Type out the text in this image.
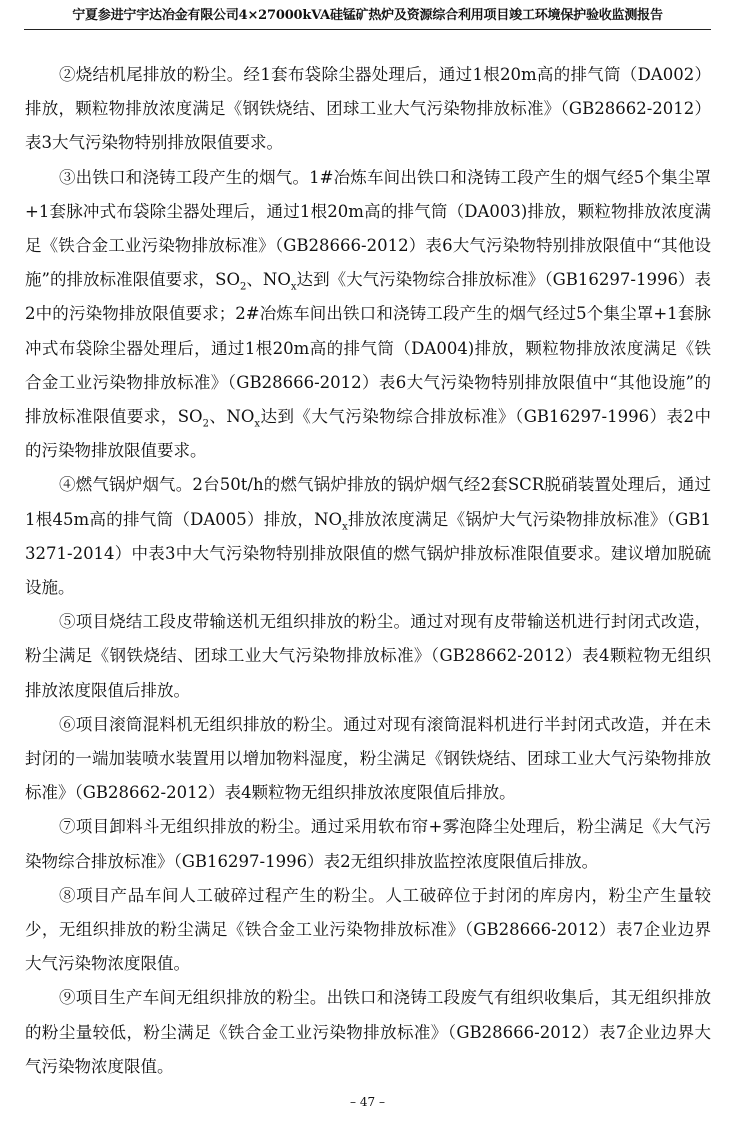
宁夏参进宁宇达冶金有限公司4×27000kVA硅锰矿热炉及资源综合利用项目竣工环境保护验收监测报告

②烧结机尾排放的粉尘。经1套布袋除尘器处理后，通过1根20m高的排气筒（DA002）排放，颗粒物排放浓度满足《钢铁烧结、团球工业大气污染物排放标准》（GB28662-2012）表3大气污染物特别排放限值要求。

③出铁口和浇铸工段产生的烟气。1#冶炼车间出铁口和浇铸工段产生的烟气经5个集尘罩+1套脉冲式布袋除尘器处理后，通过1根20m高的排气筒（DA003)排放，颗粒物排放浓度满足《铁合金工业污染物排放标准》（GB28666-2012）表6大气污染物特别排放限值中“其他设施”的排放标准限值要求，$SO_2$、$NO_x$达到《大气污染物综合排放标准》（GB16297-1996）表2中的污染物排放限值要求；2#冶炼车间出铁口和浇铸工段产生的烟气经过5个集尘罩+1套脉冲式布袋除尘器处理后，通过1根20m高的排气筒（DA004)排放，颗粒物排放浓度满足《铁合金工业污染物排放标准》（GB28666-2012）表6大气污染物特别排放限值中“其他设施”的排放标准限值要求，$SO_2$、$NO_x$达到《大气污染物综合排放标准》（GB16297-1996）表2中的污染物排放限值要求。

④燃气锅炉烟气。2台50t/h的燃气锅炉排放的锅炉烟气经2套SCR脱硝装置处理后，通过1根45m高的排气筒（DA005）排放，$NO_x$排放浓度满足《锅炉大气污染物排放标准》（GB13271-2014）中表3中大气污染物特别排放限值的燃气锅炉排放标准限值要求。建议增加脱硫设施。

⑤项目烧结工段皮带输送机无组织排放的粉尘。通过对现有皮带输送机进行封闭式改造，粉尘满足《钢铁烧结、团球工业大气污染物排放标准》（GB28662-2012）表4颗粒物无组织排放浓度限值后排放。

⑥项目滚筒混料机无组织排放的粉尘。通过对现有滚筒混料机进行半封闭式改造，并在未封闭的一端加装喷水装置用以增加物料湿度，粉尘满足《钢铁烧结、团球工业大气污染物排放标准》（GB28662-2012）表4颗粒物无组织排放浓度限值后排放。

⑦项目卸料斗无组织排放的粉尘。通过采用软布帘+雾泡降尘处理后，粉尘满足《大气污染物综合排放标准》（GB16297-1996）表2无组织排放监控浓度限值后排放。

⑧项目产品车间人工破碎过程产生的粉尘。人工破碎位于封闭的库房内，粉尘产生量较少，无组织排放的粉尘满足《铁合金工业污染物排放标准》（GB28666-2012）表7企业边界大气污染物浓度限值。

⑨项目生产车间无组织排放的粉尘。出铁口和浇铸工段废气有组织收集后，其无组织排放的粉尘量较低，粉尘满足《铁合金工业污染物排放标准》（GB28666-2012）表7企业边界大气污染物浓度限值。

– 47 –
